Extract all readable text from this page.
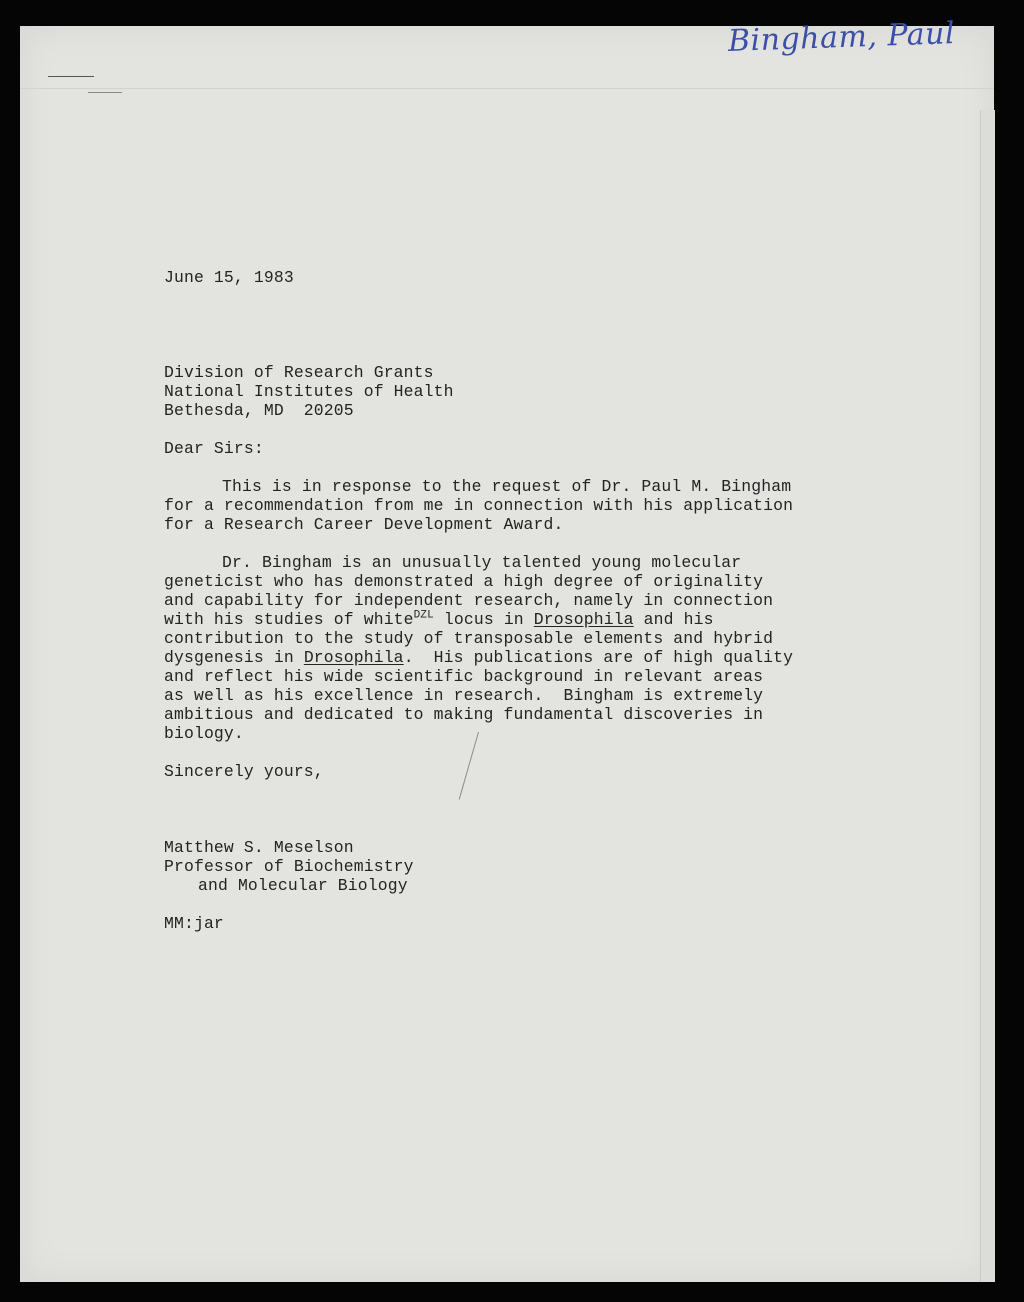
Bingham, Paul
June 15, 1983
Division of Research Grants
National Institutes of Health
Bethesda, MD  20205
Dear Sirs:
This is in response to the request of Dr. Paul M. Bingham
for a recommendation from me in connection with his application
for a Research Career Development Award.
Dr. Bingham is an unusually talented young molecular
geneticist who has demonstrated a high degree of originality
and capability for independent research, namely in connection
with his studies of white$^{DZL}$ locus in Drosophila and his
contribution to the study of transposable elements and hybrid
dysgenesis in Drosophila.  His publications are of high quality
and reflect his wide scientific background in relevant areas
as well as his excellence in research.  Bingham is extremely
ambitious and dedicated to making fundamental discoveries in
biology.
Sincerely yours,
Matthew S. Meselson
Professor of Biochemistry
and Molecular Biology
MM:jar
